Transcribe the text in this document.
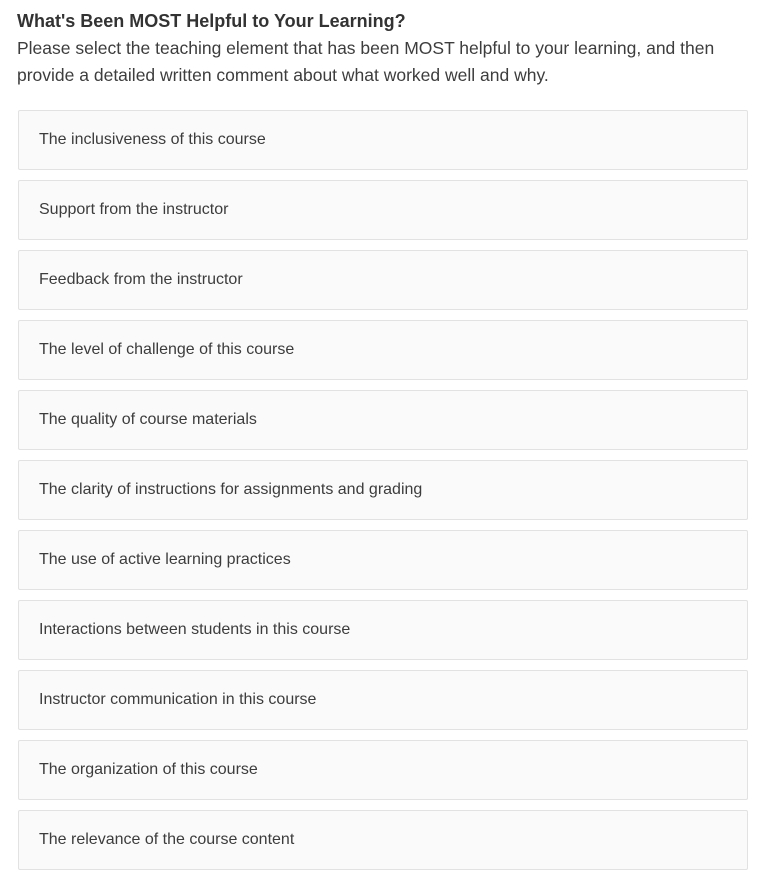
What's Been MOST Helpful to Your Learning?

Please select the teaching element that has been MOST helpful to your learning, and then provide a detailed written comment about what worked well and why.

The inclusiveness of this course
Support from the instructor
Feedback from the instructor
The level of challenge of this course
The quality of course materials
The clarity of instructions for assignments and grading
The use of active learning practices
Interactions between students in this course
Instructor communication in this course
The organization of this course
The relevance of the course content
